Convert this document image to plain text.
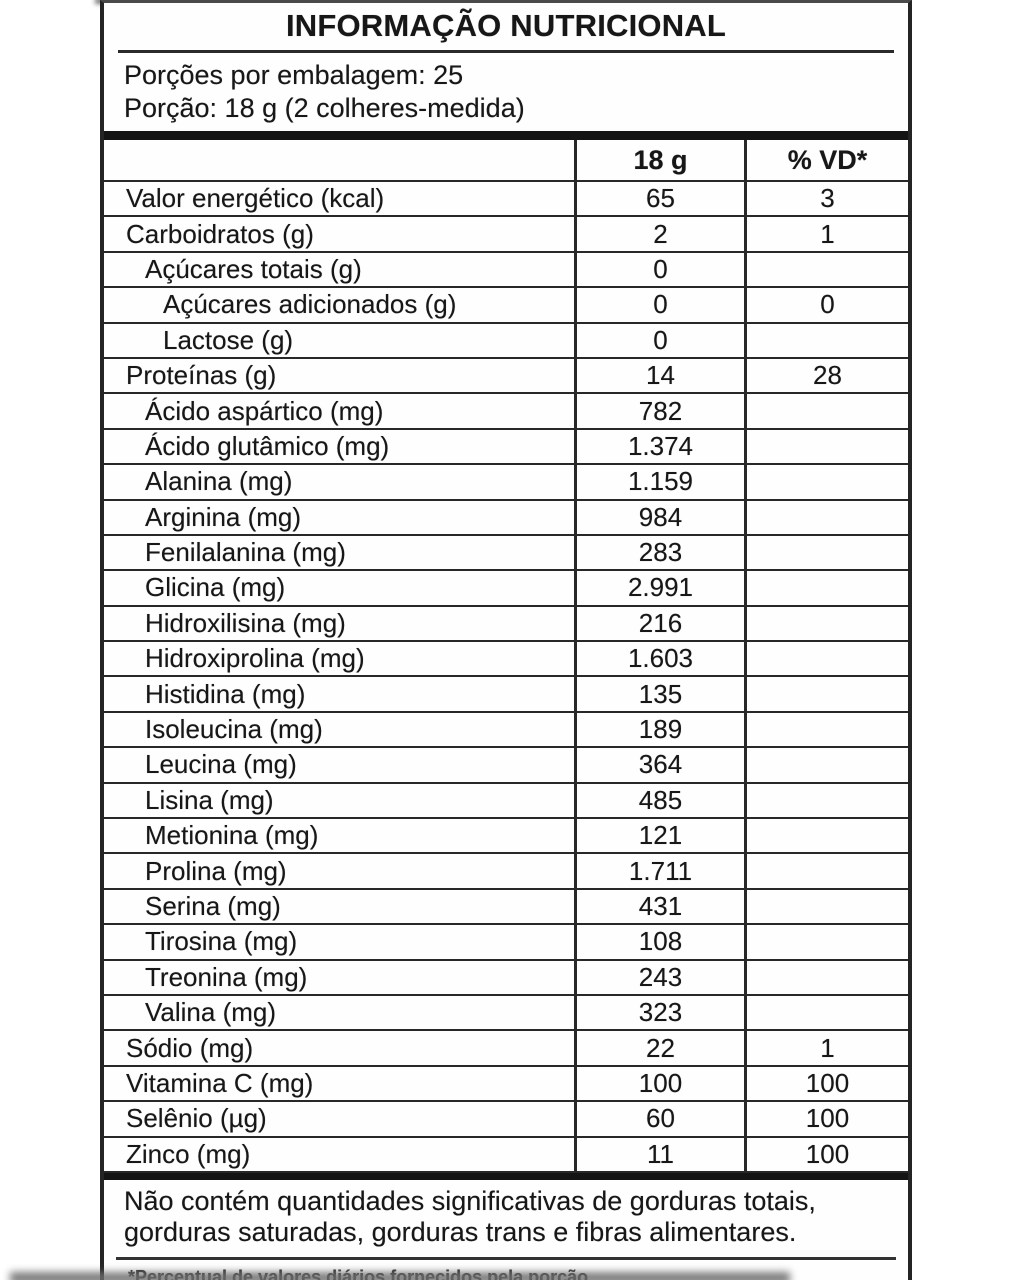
INFORMAÇÃO NUTRICIONAL
Porções por embalagem: 25
Porção: 18 g (2 colheres-medida)
18 g	% VD*
Valor energético (kcal)	65	3
Carboidratos (g)	2	1
Açúcares totais (g)	0
Açúcares adicionados (g)	0	0
Lactose (g)	0
Proteínas (g)	14	28
Ácido aspártico (mg)	782
Ácido glutâmico (mg)	1.374
Alanina (mg)	1.159
Arginina (mg)	984
Fenilalanina (mg)	283
Glicina (mg)	2.991
Hidroxilisina (mg)	216
Hidroxiprolina (mg)	1.603
Histidina (mg)	135
Isoleucina (mg)	189
Leucina (mg)	364
Lisina (mg)	485
Metionina (mg)	121
Prolina (mg)	1.711
Serina (mg)	431
Tirosina (mg)	108
Treonina (mg)	243
Valina (mg)	323
Sódio (mg)	22	1
Vitamina C (mg)	100	100
Selênio (µg)	60	100
Zinco (mg)	11	100
Não contém quantidades significativas de gorduras totais, gorduras saturadas, gorduras trans e fibras alimentares.
